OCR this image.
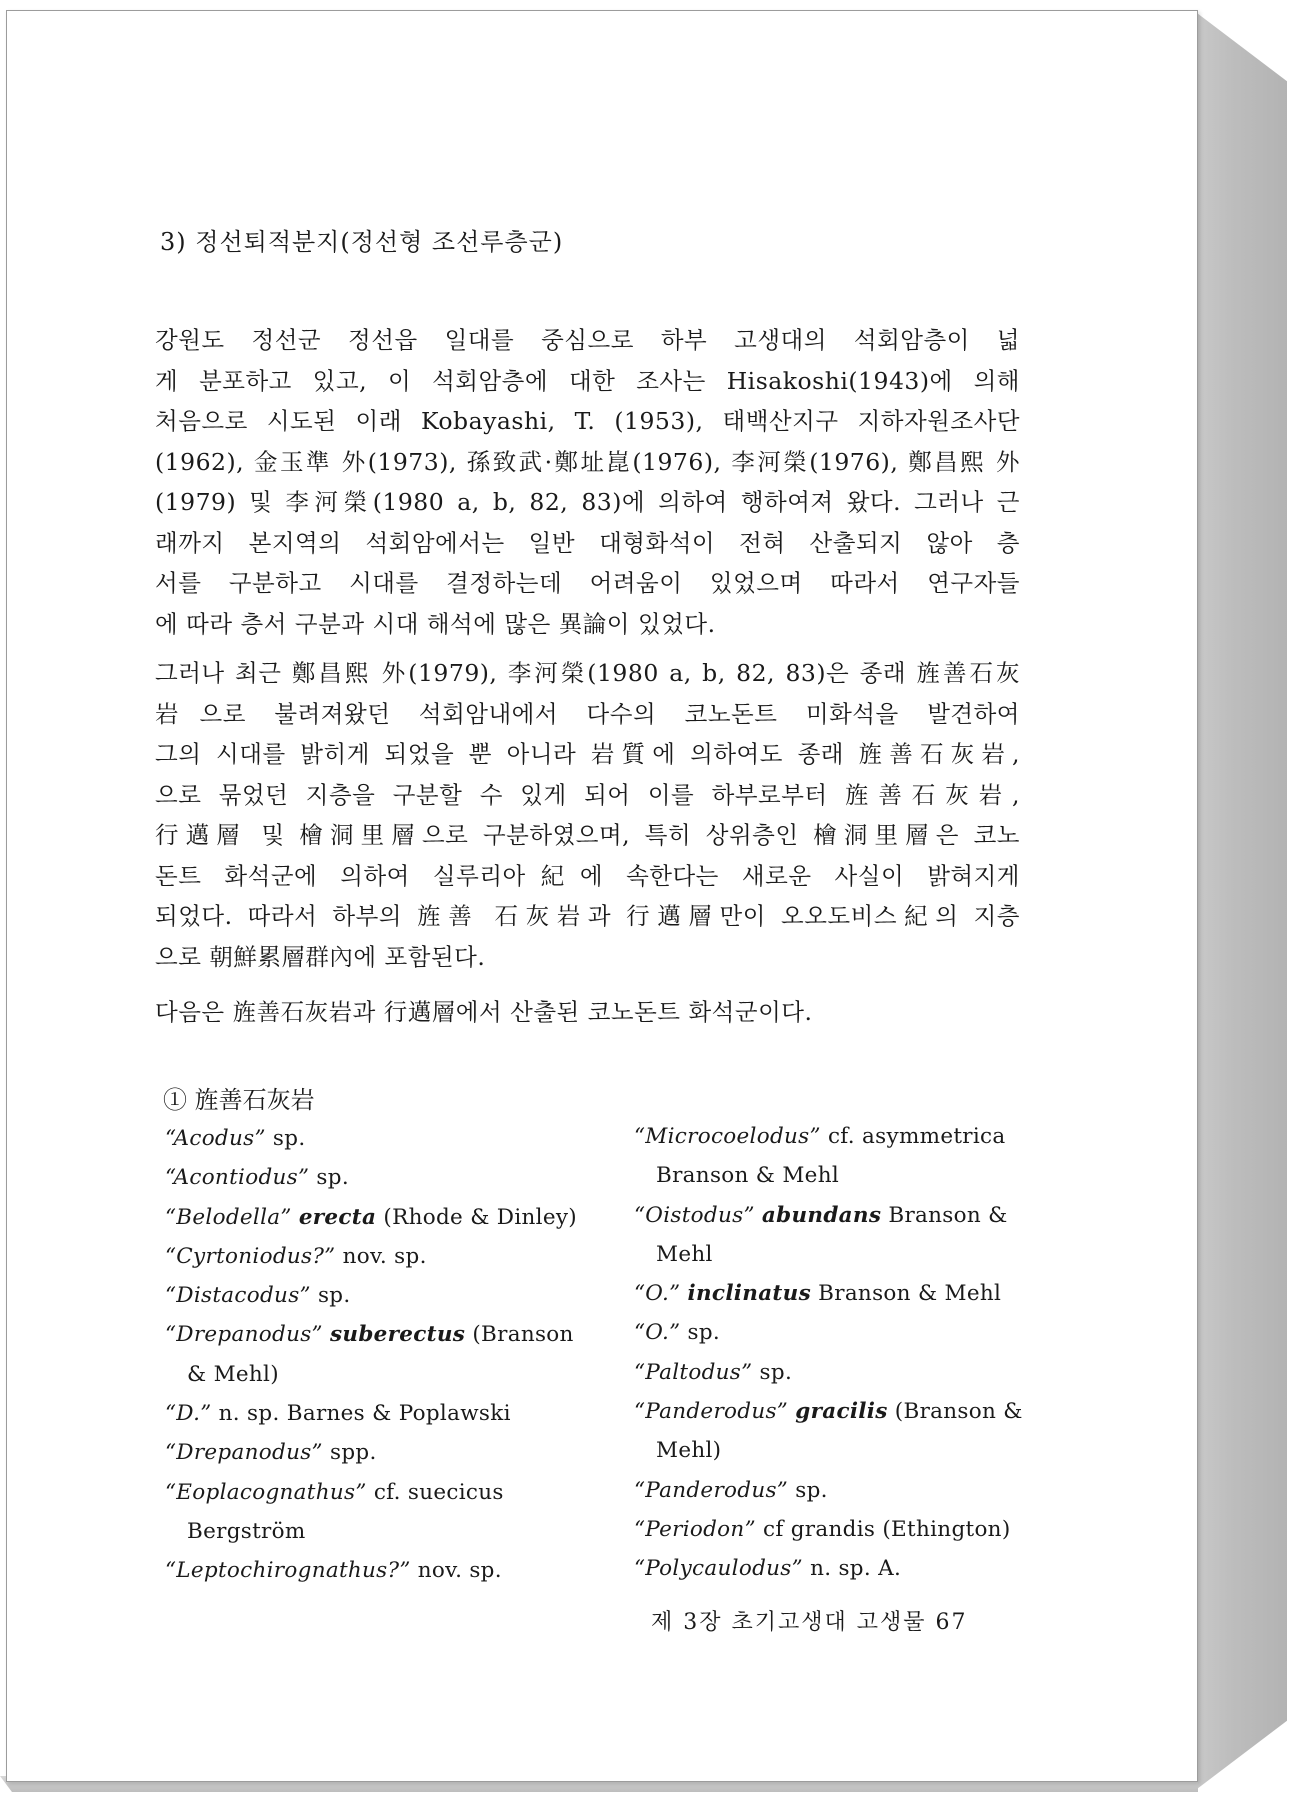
3) 정선퇴적분지(정선형 조선루층군)

강원도 정선군 정선읍 일대를 중심으로 하부 고생대의 석회암층이 넓

게 분포하고 있고, 이 석회암층에 대한 조사는 Hisakoshi(1943)에 의해

처음으로 시도된 이래 Kobayashi, T. (1953), 태백산지구 지하자원조사단

(1962), 金玉準 外(1973), 孫致武·鄭址崑(1976), 李河榮(1976), 鄭昌熙 外

(1979) 및 李河榮(1980 a, b, 82, 83)에 의하여 행하여져 왔다. 그러나 근

래까지 본지역의 석회암에서는 일반 대형화석이 전혀 산출되지 않아 층

서를 구분하고 시대를 결정하는데 어려움이 있었으며 따라서 연구자들

에 따라 층서 구분과 시대 해석에 많은 異論이 있었다.

그러나 최근 鄭昌熙 外(1979), 李河榮(1980 a, b, 82, 83)은 종래 旌善石灰

岩으로 불려져왔던 석회암내에서 다수의 코노돈트 미화석을 발견하여

그의 시대를 밝히게 되었을 뿐 아니라 岩質에 의하여도 종래 旌善石灰岩,

으로 묶었던 지층을 구분할 수 있게 되어 이를 하부로부터 旌善石灰岩,

行邁層 및 檜洞里層으로 구분하였으며, 특히 상위층인 檜洞里層은 코노

돈트 화석군에 의하여 실루리아紀에 속한다는 새로운 사실이 밝혀지게

되었다. 따라서 하부의 旌善 石灰岩과 行邁層만이 오오도비스紀의 지층

으로 朝鮮累層群內에 포함된다.

다음은 旌善石灰岩과 行邁層에서 산출된 코노돈트 화석군이다.

① 旌善石灰岩
“Acodus” sp.
“Acontiodus” sp.
“Belodella” erecta (Rhode & Dinley)
“Cyrtoniodus?” nov. sp.
“Distacodus” sp.
“Drepanodus” suberectus (Branson
& Mehl)
“D.” n. sp. Barnes & Poplawski
“Drepanodus” spp.
“Eoplacognathus” cf. suecicus
Bergström
“Leptochirognathus?” nov. sp.
“Microcoelodus” cf. asymmetrica
Branson & Mehl
“Oistodus” abundans Branson &
Mehl
“O.” inclinatus Branson & Mehl
“O.” sp.
“Paltodus” sp.
“Panderodus” gracilis (Branson &
Mehl)
“Panderodus” sp.
“Periodon” cf grandis (Ethington)
“Polycaulodus” n. sp. A.
제 3장 초기고생대 고생물 67
